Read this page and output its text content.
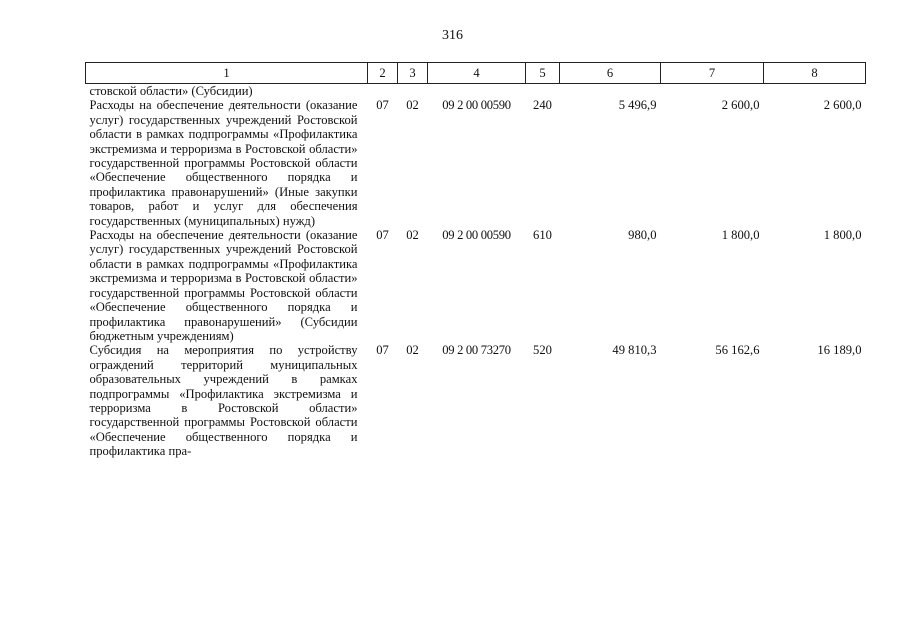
316
1	2	3	4	5	6	7	8
стовской области» (Субсидии)							
Расходы на обеспечение деятельности (оказание услуг) государственных учреждений Ростовской области в рамках подпрограммы «Профилактика экстремизма и терроризма в Ростовской области» государственной программы Ростовской области «Обеспечение общественного порядка и профилактика правонарушений» (Иные закупки товаров, работ и услуг для обеспечения государственных (муниципальных) нужд)	07	02	09 2 00 00590	240	5 496,9	2 600,0	2 600,0
Расходы на обеспечение деятельности (оказание услуг) государственных учреждений Ростовской области в рамках подпрограммы «Профилактика экстремизма и терроризма в Ростовской области» государственной программы Ростовской области «Обеспечение общественного порядка и профилактика правонарушений» (Субсидии бюджетным учреждениям)	07	02	09 2 00 00590	610	980,0	1 800,0	1 800,0
Субсидия на мероприятия по устройству ограждений территорий муниципальных образовательных учреждений в рамках подпрограммы «Профилактика экстремизма и терроризма в Ростовской области» государственной программы Ростовской области «Обеспечение общественного порядка и профилактика пра-	07	02	09 2 00 73270	520	49 810,3	56 162,6	16 189,0
